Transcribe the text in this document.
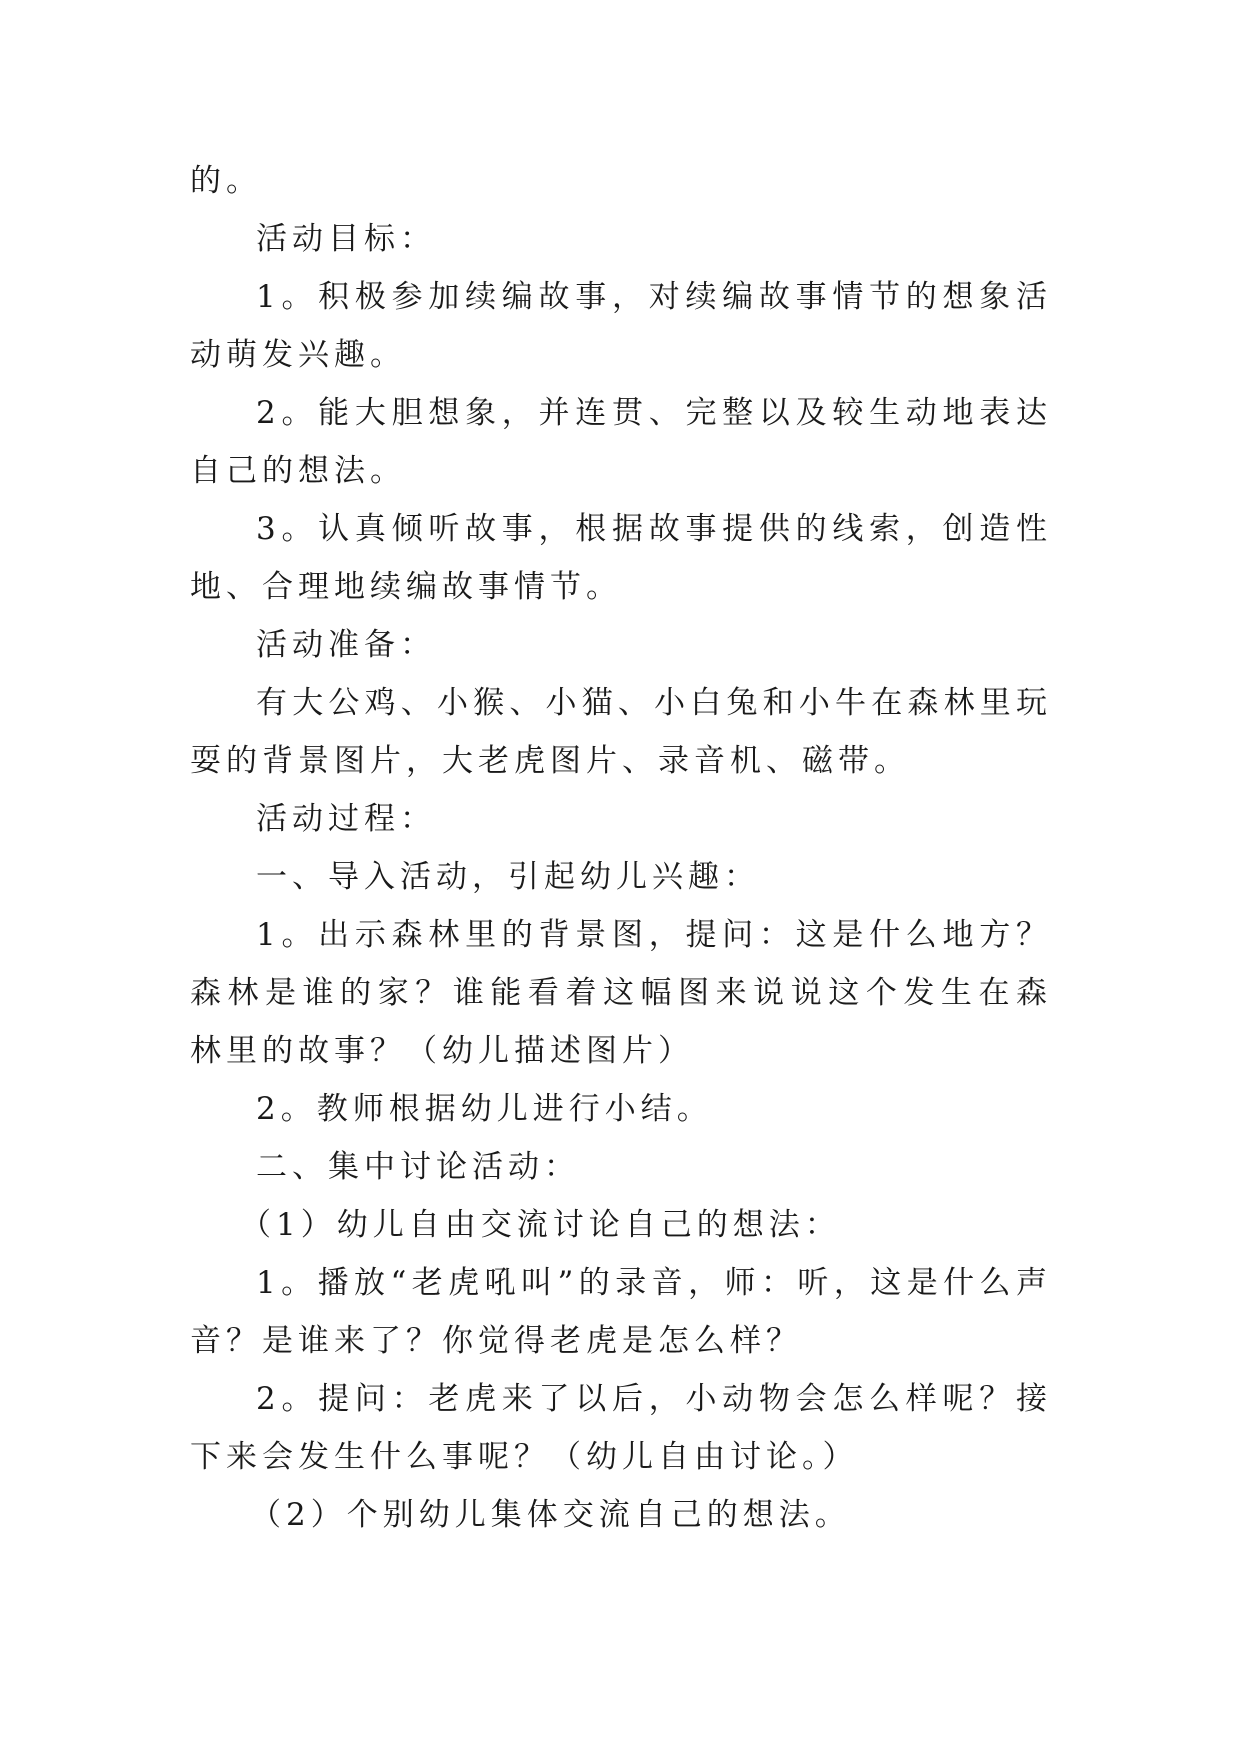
的。

活动目标：

1。积极参加续编故事，对续编故事情节的想象活动萌发兴趣。

2。能大胆想象，并连贯、完整以及较生动地表达自己的想法。

3。认真倾听故事，根据故事提供的线索，创造性地、合理地续编故事情节。

活动准备：

有大公鸡、小猴、小猫、小白兔和小牛在森林里玩耍的背景图片，大老虎图片、录音机、磁带。

活动过程：

一、导入活动，引起幼儿兴趣：

1。出示森林里的背景图，提问：这是什么地方？森林是谁的家？谁能看着这幅图来说说这个发生在森林里的故事？（幼儿描述图片）

2。教师根据幼儿进行小结。

二、集中讨论活动：

（1）幼儿自由交流讨论自己的想法：

1。播放“老虎吼叫”的录音，师：听，这是什么声音？是谁来了？你觉得老虎是怎么样？

2。提问：老虎来了以后，小动物会怎么样呢？接下来会发生什么事呢？（幼儿自由讨论。）

（2）个别幼儿集体交流自己的想法。
